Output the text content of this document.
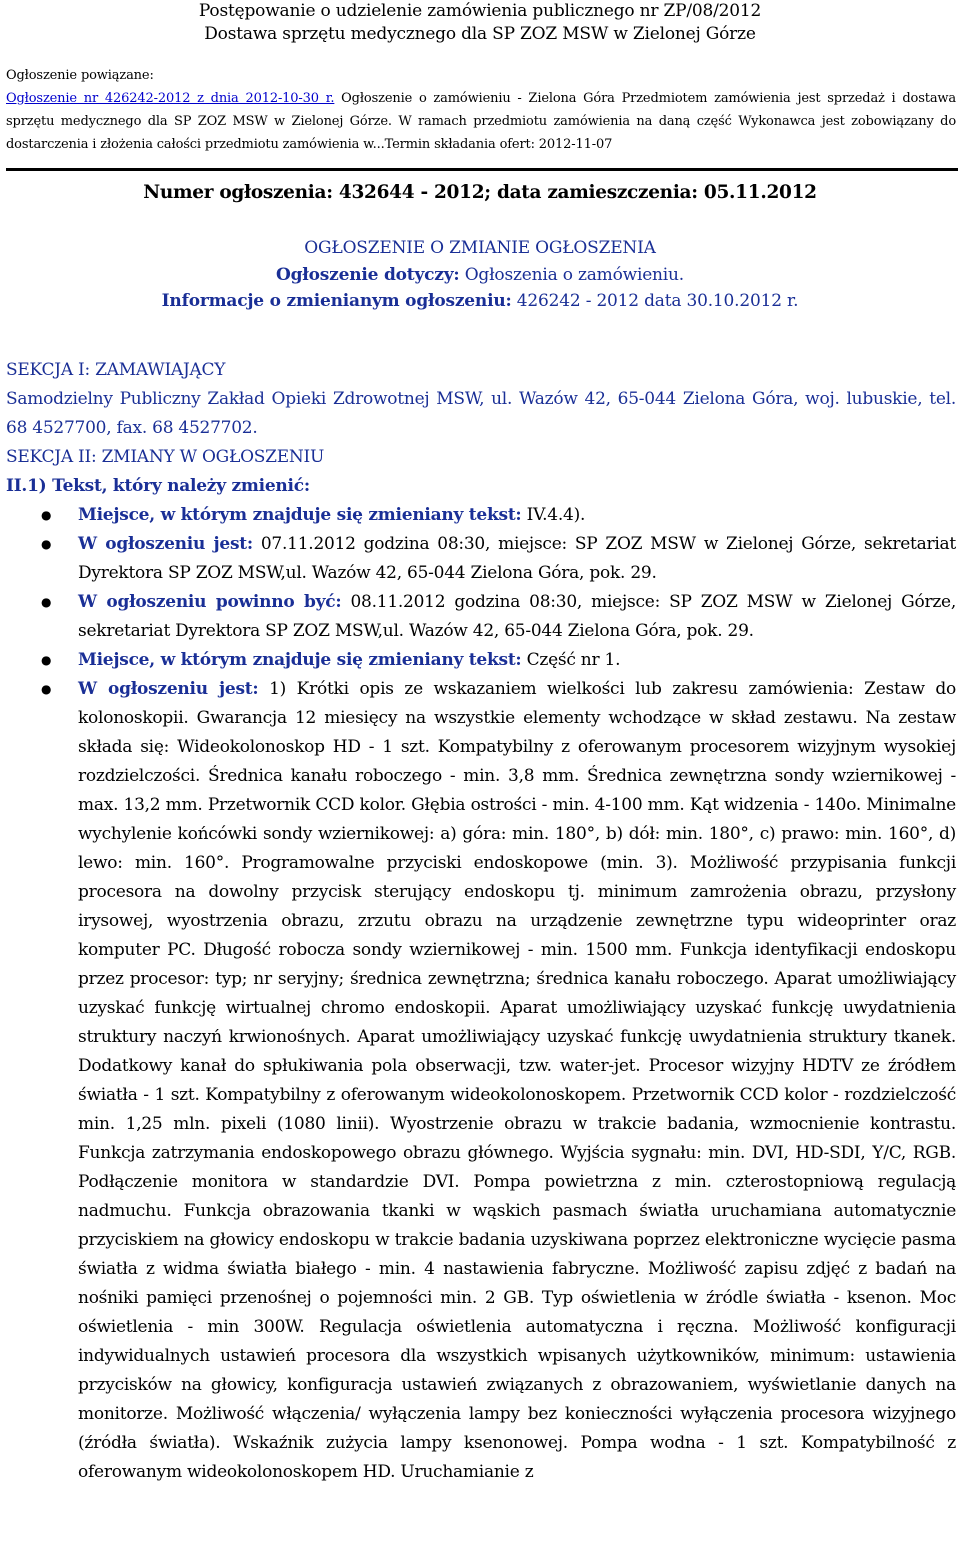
Postępowanie o udzielenie zamówienia publicznego nr ZP/08/2012
Dostawa sprzętu medycznego dla SP ZOZ MSW w Zielonej Górze
Ogłoszenie powiązane:
Ogłoszenie nr 426242-2012 z dnia 2012-10-30 r. Ogłoszenie o zamówieniu - Zielona Góra Przedmiotem zamówienia jest sprzedaż i dostawa sprzętu medycznego dla SP ZOZ MSW w Zielonej Górze. W ramach przedmiotu zamówienia na daną część Wykonawca jest zobowiązany do dostarczenia i złożenia całości przedmiotu zamówienia w...Termin składania ofert: 2012-11-07
Numer ogłoszenia: 432644 - 2012; data zamieszczenia: 05.11.2012
OGŁOSZENIE O ZMIANIE OGŁOSZENIA
Ogłoszenie dotyczy: Ogłoszenia o zamówieniu.
Informacje o zmienianym ogłoszeniu: 426242 - 2012 data 30.10.2012 r.

SEKCJA I: ZAMAWIAJĄCY

Samodzielny Publiczny Zakład Opieki Zdrowotnej MSW, ul. Wazów 42, 65-044 Zielona Góra, woj. lubuskie, tel. 68 4527700, fax. 68 4527702.

SEKCJA II: ZMIANY W OGŁOSZENIU

II.1) Tekst, który należy zmienić:

● Miejsce, w którym znajduje się zmieniany tekst: IV.4.4).
● W ogłoszeniu jest: 07.11.2012 godzina 08:30, miejsce: SP ZOZ MSW w Zielonej Górze, sekretariat Dyrektora SP ZOZ MSW,ul. Wazów 42, 65-044 Zielona Góra, pok. 29.
● W ogłoszeniu powinno być: 08.11.2012 godzina 08:30, miejsce: SP ZOZ MSW w Zielonej Górze, sekretariat Dyrektora SP ZOZ MSW,ul. Wazów 42, 65-044 Zielona Góra, pok. 29.
● Miejsce, w którym znajduje się zmieniany tekst: Część nr 1.
● W ogłoszeniu jest: 1) Krótki opis ze wskazaniem wielkości lub zakresu zamówienia: Zestaw do kolonoskopii. Gwarancja 12 miesięcy na wszystkie elementy wchodzące w skład zestawu. Na zestaw składa się: Wideokolonoskop HD - 1 szt. Kompatybilny z oferowanym procesorem wizyjnym wysokiej rozdzielczości. Średnica kanału roboczego - min. 3,8 mm. Średnica zewnętrzna sondy wziernikowej - max. 13,2 mm. Przetwornik CCD kolor. Głębia ostrości - min. 4-100 mm. Kąt widzenia - 140o. Minimalne wychylenie końcówki sondy wziernikowej: a) góra: min. 180°, b) dół: min. 180°, c) prawo: min. 160°, d) lewo: min. 160°. Programowalne przyciski endoskopowe (min. 3). Możliwość przypisania funkcji procesora na dowolny przycisk sterujący endoskopu tj. minimum zamrożenia obrazu, przysłony irysowej, wyostrzenia obrazu, zrzutu obrazu na urządzenie zewnętrzne typu wideoprinter oraz komputer PC. Długość robocza sondy wziernikowej - min. 1500 mm. Funkcja identyfikacji endoskopu przez procesor: typ; nr seryjny; średnica zewnętrzna; średnica kanału roboczego. Aparat umożliwiający uzyskać funkcję wirtualnej chromo endoskopii. Aparat umożliwiający uzyskać funkcję uwydatnienia struktury naczyń krwionośnych. Aparat umożliwiający uzyskać funkcję uwydatnienia struktury tkanek. Dodatkowy kanał do spłukiwania pola obserwacji, tzw. water-jet. Procesor wizyjny HDTV ze źródłem światła - 1 szt. Kompatybilny z oferowanym wideokolonoskopem. Przetwornik CCD kolor - rozdzielczość min. 1,25 mln. pixeli (1080 linii). Wyostrzenie obrazu w trakcie badania, wzmocnienie kontrastu. Funkcja zatrzymania endoskopowego obrazu głównego. Wyjścia sygnału: min. DVI, HD-SDI, Y/C, RGB. Podłączenie monitora w standardzie DVI. Pompa powietrzna z min. czterostopniową regulacją nadmuchu. Funkcja obrazowania tkanki w wąskich pasmach światła uruchamiana automatycznie przyciskiem na głowicy endoskopu w trakcie badania uzyskiwana poprzez elektroniczne wycięcie pasma światła z widma światła białego - min. 4 nastawienia fabryczne. Możliwość zapisu zdjęć z badań na nośniki pamięci przenośnej o pojemności min. 2 GB. Typ oświetlenia w źródle światła - ksenon. Moc oświetlenia - min 300W. Regulacja oświetlenia automatyczna i ręczna. Możliwość konfiguracji indywidualnych ustawień procesora dla wszystkich wpisanych użytkowników, minimum: ustawienia przycisków na głowicy, konfiguracja ustawień związanych z obrazowaniem, wyświetlanie danych na monitorze. Możliwość włączenia/ wyłączenia lampy bez konieczności wyłączenia procesora wizyjnego (źródła światła). Wskaźnik zużycia lampy ksenonowej. Pompa wodna - 1 szt. Kompatybilność z oferowanym wideokolonoskopem HD. Uruchamianie z
